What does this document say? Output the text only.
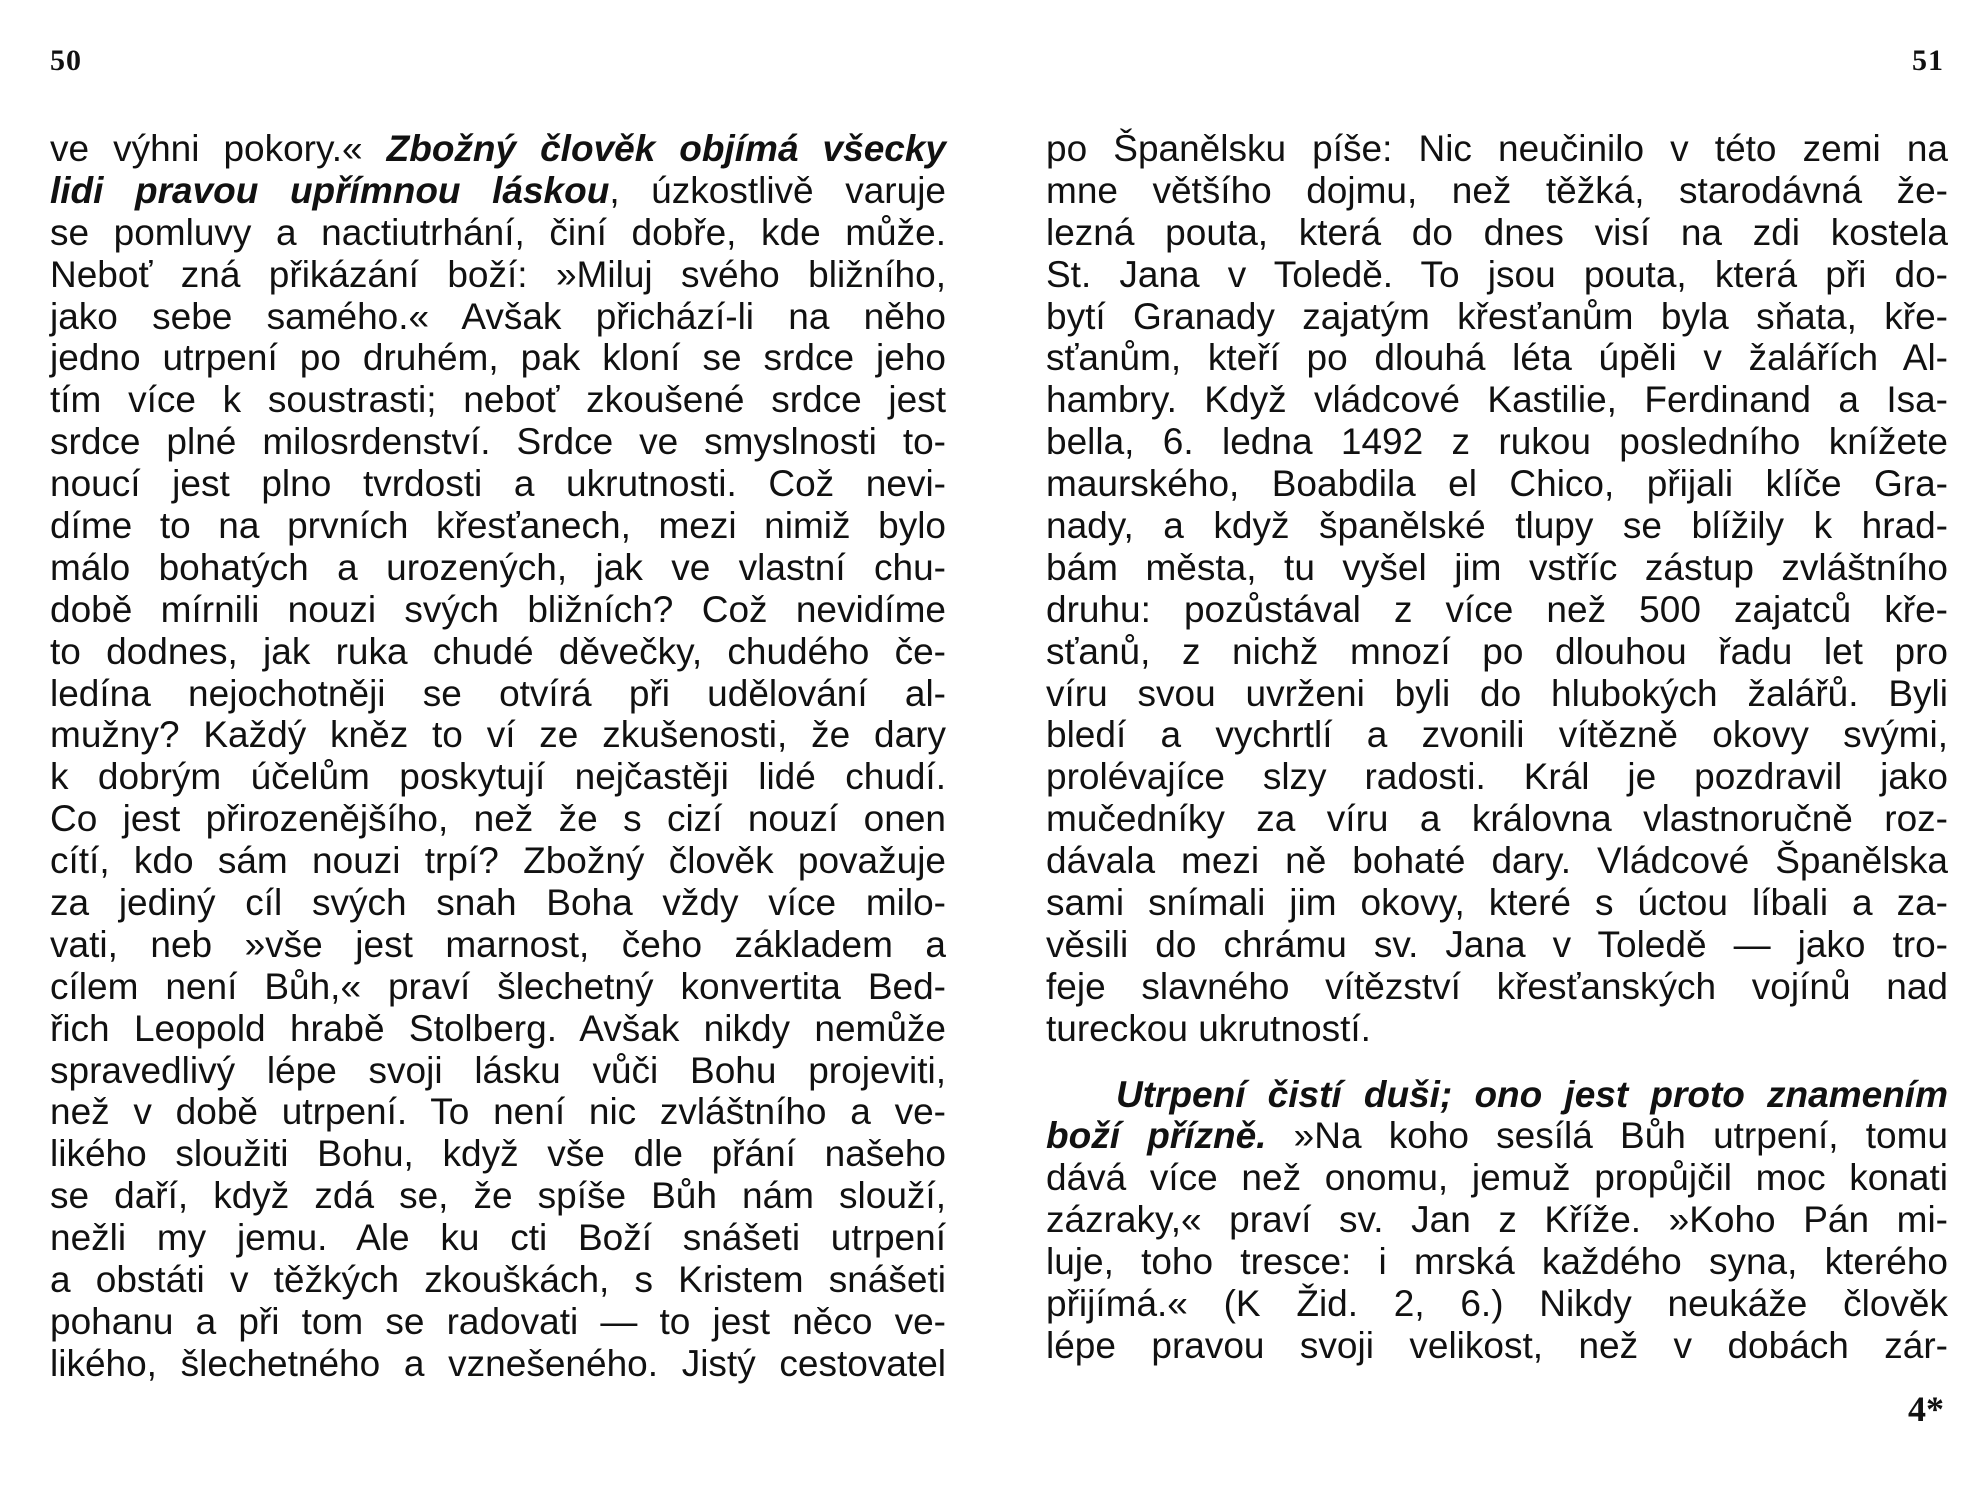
50
ve výhni pokory.« Zbožný člověk objímá všecky
lidi pravou upřímnou láskou, úzkostlivě varuje
se pomluvy a nactiutrhání, činí dobře, kde může.
Neboť zná přikázání boží: »Miluj svého bližního,
jako sebe samého.« Avšak přichází-li na něho
jedno utrpení po druhém, pak kloní se srdce jeho
tím více k soustrasti; neboť zkoušené srdce jest
srdce plné milosrdenství. Srdce ve smyslnosti to-
noucí jest plno tvrdosti a ukrutnosti. Což nevi-
díme to na prvních křesťanech, mezi nimiž bylo
málo bohatých a urozených, jak ve vlastní chu-
době mírnili nouzi svých bližních? Což nevidíme
to dodnes, jak ruka chudé děvečky, chudého če-
ledína nejochotněji se otvírá při udělování al-
mužny? Každý kněz to ví ze zkušenosti, že dary
k dobrým účelům poskytují nejčastěji lidé chudí.
Co jest přirozenějšího, než že s cizí nouzí onen
cítí, kdo sám nouzi trpí? Zbožný člověk považuje
za jediný cíl svých snah Boha vždy více milo-
vati, neb »vše jest marnost, čeho základem a
cílem není Bůh,« praví šlechetný konvertita Bed-
řich Leopold hrabě Stolberg. Avšak nikdy nemůže
spravedlivý lépe svoji lásku vůči Bohu projeviti,
než v době utrpení. To není nic zvláštního a ve-
likého sloužiti Bohu, když vše dle přání našeho
se daří, když zdá se, že spíše Bůh nám slouží,
nežli my jemu. Ale ku cti Boží snášeti utrpení
a obstáti v těžkých zkouškách, s Kristem snášeti
pohanu a při tom se radovati — to jest něco ve-
likého, šlechetného a vznešeného. Jistý cestovatel
51
po Španělsku píše: Nic neučinilo v této zemi na
mne většího dojmu, než těžká, starodávná že-
lezná pouta, která do dnes visí na zdi kostela
St. Jana v Toledě. To jsou pouta, která při do-
bytí Granady zajatým křesťanům byla sňata, kře-
sťanům, kteří po dlouhá léta úpěli v žalářích Al-
hambry. Když vládcové Kastilie, Ferdinand a Isa-
bella, 6. ledna 1492 z rukou posledního knížete
maurského, Boabdila el Chico, přijali klíče Gra-
nady, a když španělské tlupy se blížily k hrad-
bám města, tu vyšel jim vstříc zástup zvláštního
druhu: pozůstával z více než 500 zajatců kře-
sťanů, z nichž mnozí po dlouhou řadu let pro
víru svou uvrženi byli do hlubokých žalářů. Byli
bledí a vychrtlí a zvonili vítězně okovy svými,
prolévajíce slzy radosti. Král je pozdravil jako
mučedníky za víru a královna vlastnoručně roz-
dávala mezi ně bohaté dary. Vládcové Španělska
sami snímali jim okovy, které s úctou líbali a za-
věsili do chrámu sv. Jana v Toledě — jako tro-
feje slavného vítězství křesťanských vojínů nad
tureckou ukrutností.
Utrpení čistí duši; ono jest proto znamením
boží přízně. »Na koho sesílá Bůh utrpení, tomu
dává více než onomu, jemuž propůjčil moc konati
zázraky,« praví sv. Jan z Kříže. »Koho Pán mi-
luje, toho tresce: i mrská každého syna, kterého
přijímá.« (K Žid. 2, 6.) Nikdy neukáže člověk
lépe pravou svoji velikost, než v dobách zár-
4*
